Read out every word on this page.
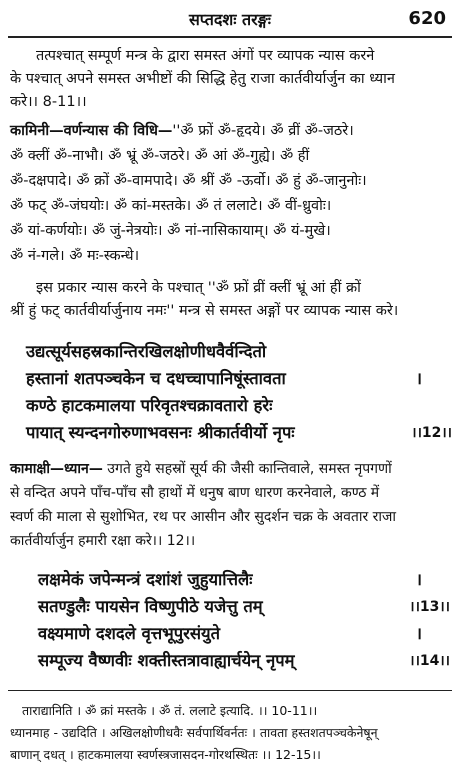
सप्तदशः तरङ्गः	620
तत्पश्चात् सम्पूर्ण मन्त्र के द्वारा समस्त अंगों पर व्यापक न्यास करने
के पश्चात् अपने समस्त अभीष्टों की सिद्धि हेतु राजा कार्तवीर्यार्जुन का ध्यान
करे।। 8-11।।
कामिनी—वर्णन्यास की विधि—''ॐ फ्रों ॐ-हृदये। ॐ व्रीं ॐ-जठरे।
ॐ क्लीं ॐ-नाभौ। ॐ भ्रूं ॐ-जठरे। ॐ आं ॐ-गुह्ये। ॐ हीं
ॐ-दक्षपादे। ॐ क्रों ॐ-वामपादे। ॐ श्रीं ॐ -ऊर्वो। ॐ हुं ॐ-जानुनोः।
ॐ फट् ॐ-जंघयोः। ॐ कां-मस्तके। ॐ तं ललाटे। ॐ वीं-ध्रुवोः।
ॐ यां-कर्णयोः। ॐ जुं-नेत्रयोः। ॐ नां-नासिकायाम्। ॐ यं-मुखे।
ॐ नं-गले। ॐ मः-स्कन्धे।
इस प्रकार न्यास करने के पश्चात् ''ॐ फ्रों व्रीं क्लीं भ्रूं आं हीं क्रों
श्रीं हुं फट् कार्तवीर्यार्जुनाय नमः'' मन्त्र से समस्त अङ्गों पर व्यापक न्यास करे।
उद्यत्सूर्यसहस्रकान्तिरखिलक्षोणीधवैर्वन्दितो
हस्तानां शतपञ्चकेन च दधच्चापानिषूंस्तावता	।
कण्ठे हाटकमालया परिवृतश्चक्रावतारो हरेः
पायात् स्यन्दनगोरुणाभवसनः श्रीकार्तवीर्यो नृपः	।।12।।
कामाक्षी—ध्यान— उगते हुये सहस्रों सूर्य की जैसी कान्तिवाले, समस्त नृपगणों
से वन्दित अपने पाँच-पाँच सौ हाथों में धनुष बाण धारण करनेवाले, कण्ठ में
स्वर्ण की माला से सुशोभित, रथ पर आसीन और सुदर्शन चक्र के अवतार राजा
कार्तवीर्यार्जुन हमारी रक्षा करे।। 12।।
लक्षमेकं जपेन्मन्त्रं दशांशं जुहुयात्तिलैः	।
सतण्डुलैः पायसेन विष्णुपीठे यजेत्तु तम्	।।13।।
वक्ष्यमाणे दशदले वृत्तभूपुरसंयुते	।
सम्पूज्य वैष्णवीः शक्तीस्तत्रावाह्यार्चयेन् नृपम्	।।14।।
ताराद्यानिति । ॐ क्रां मस्तके । ॐ तं. ललाटे इत्यादि. ।। 10-11।।
ध्यानमाह - उद्यदिति । अखिलक्षोणीधवैः सर्वपार्थिवर्नतः । तावता हस्तशतपञ्चकेनेषून्
बाणान् दधत् । हाटकमालया स्वर्णस्त्रजासदन-गोरथस्थितः ।। 12-15।।
